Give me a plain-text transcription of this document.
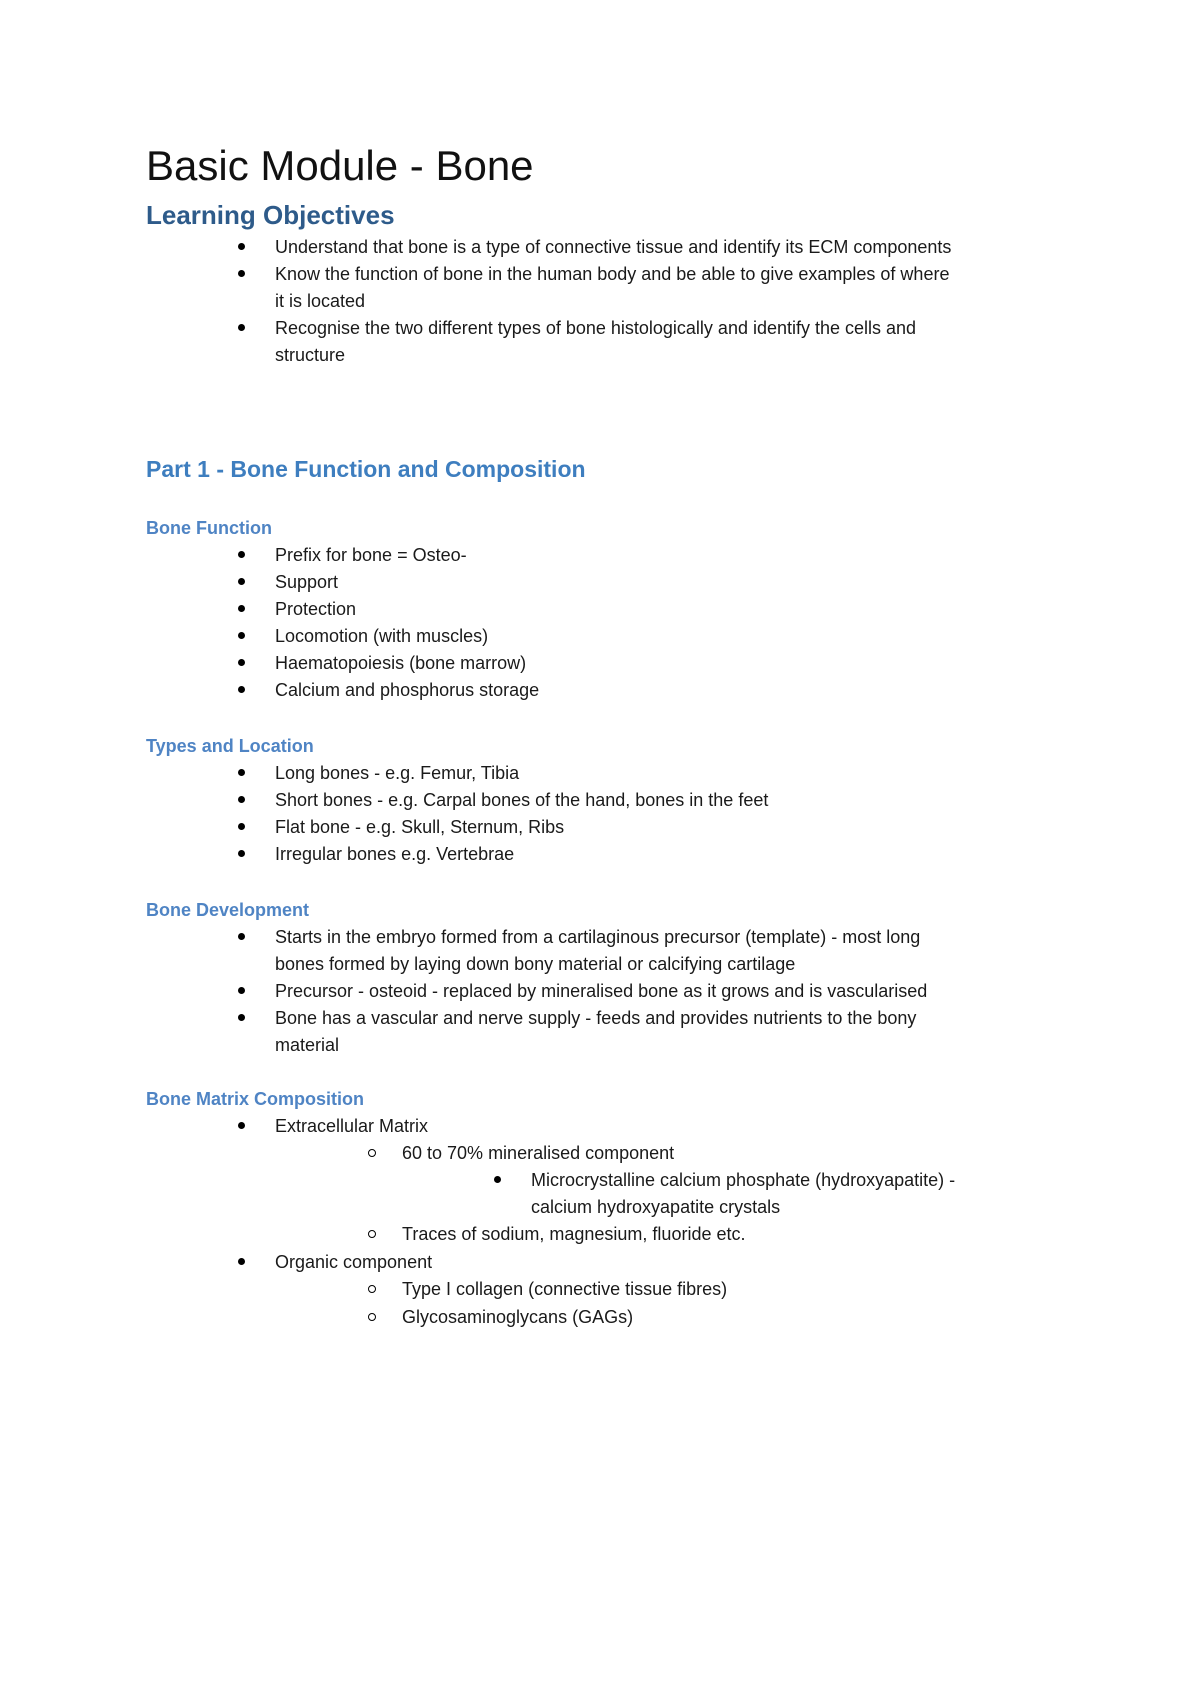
Basic Module - Bone
Learning Objectives
Understand that bone is a type of connective tissue and identify its ECM components
Know the function of bone in the human body and be able to give examples of where
it is located
Recognise the two different types of bone histologically and identify the cells and
structure
Part 1 - Bone Function and Composition
Bone Function
Prefix for bone = Osteo-
Support
Protection
Locomotion (with muscles)
Haematopoiesis (bone marrow)
Calcium and phosphorus storage
Types and Location
Long bones - e.g. Femur, Tibia
Short bones - e.g. Carpal bones of the hand, bones in the feet
Flat bone - e.g. Skull, Sternum, Ribs
Irregular bones e.g. Vertebrae
Bone Development
Starts in the embryo formed from a cartilaginous precursor (template) - most long
bones formed by laying down bony material or calcifying cartilage
Precursor - osteoid - replaced by mineralised bone as it grows and is vascularised
Bone has a vascular and nerve supply - feeds and provides nutrients to the bony
material
Bone Matrix Composition
Extracellular Matrix
60 to 70% mineralised component
Microcrystalline calcium phosphate (hydroxyapatite) -
calcium hydroxyapatite crystals
Traces of sodium, magnesium, fluoride etc.
Organic component
Type I collagen (connective tissue fibres)
Glycosaminoglycans (GAGs)
